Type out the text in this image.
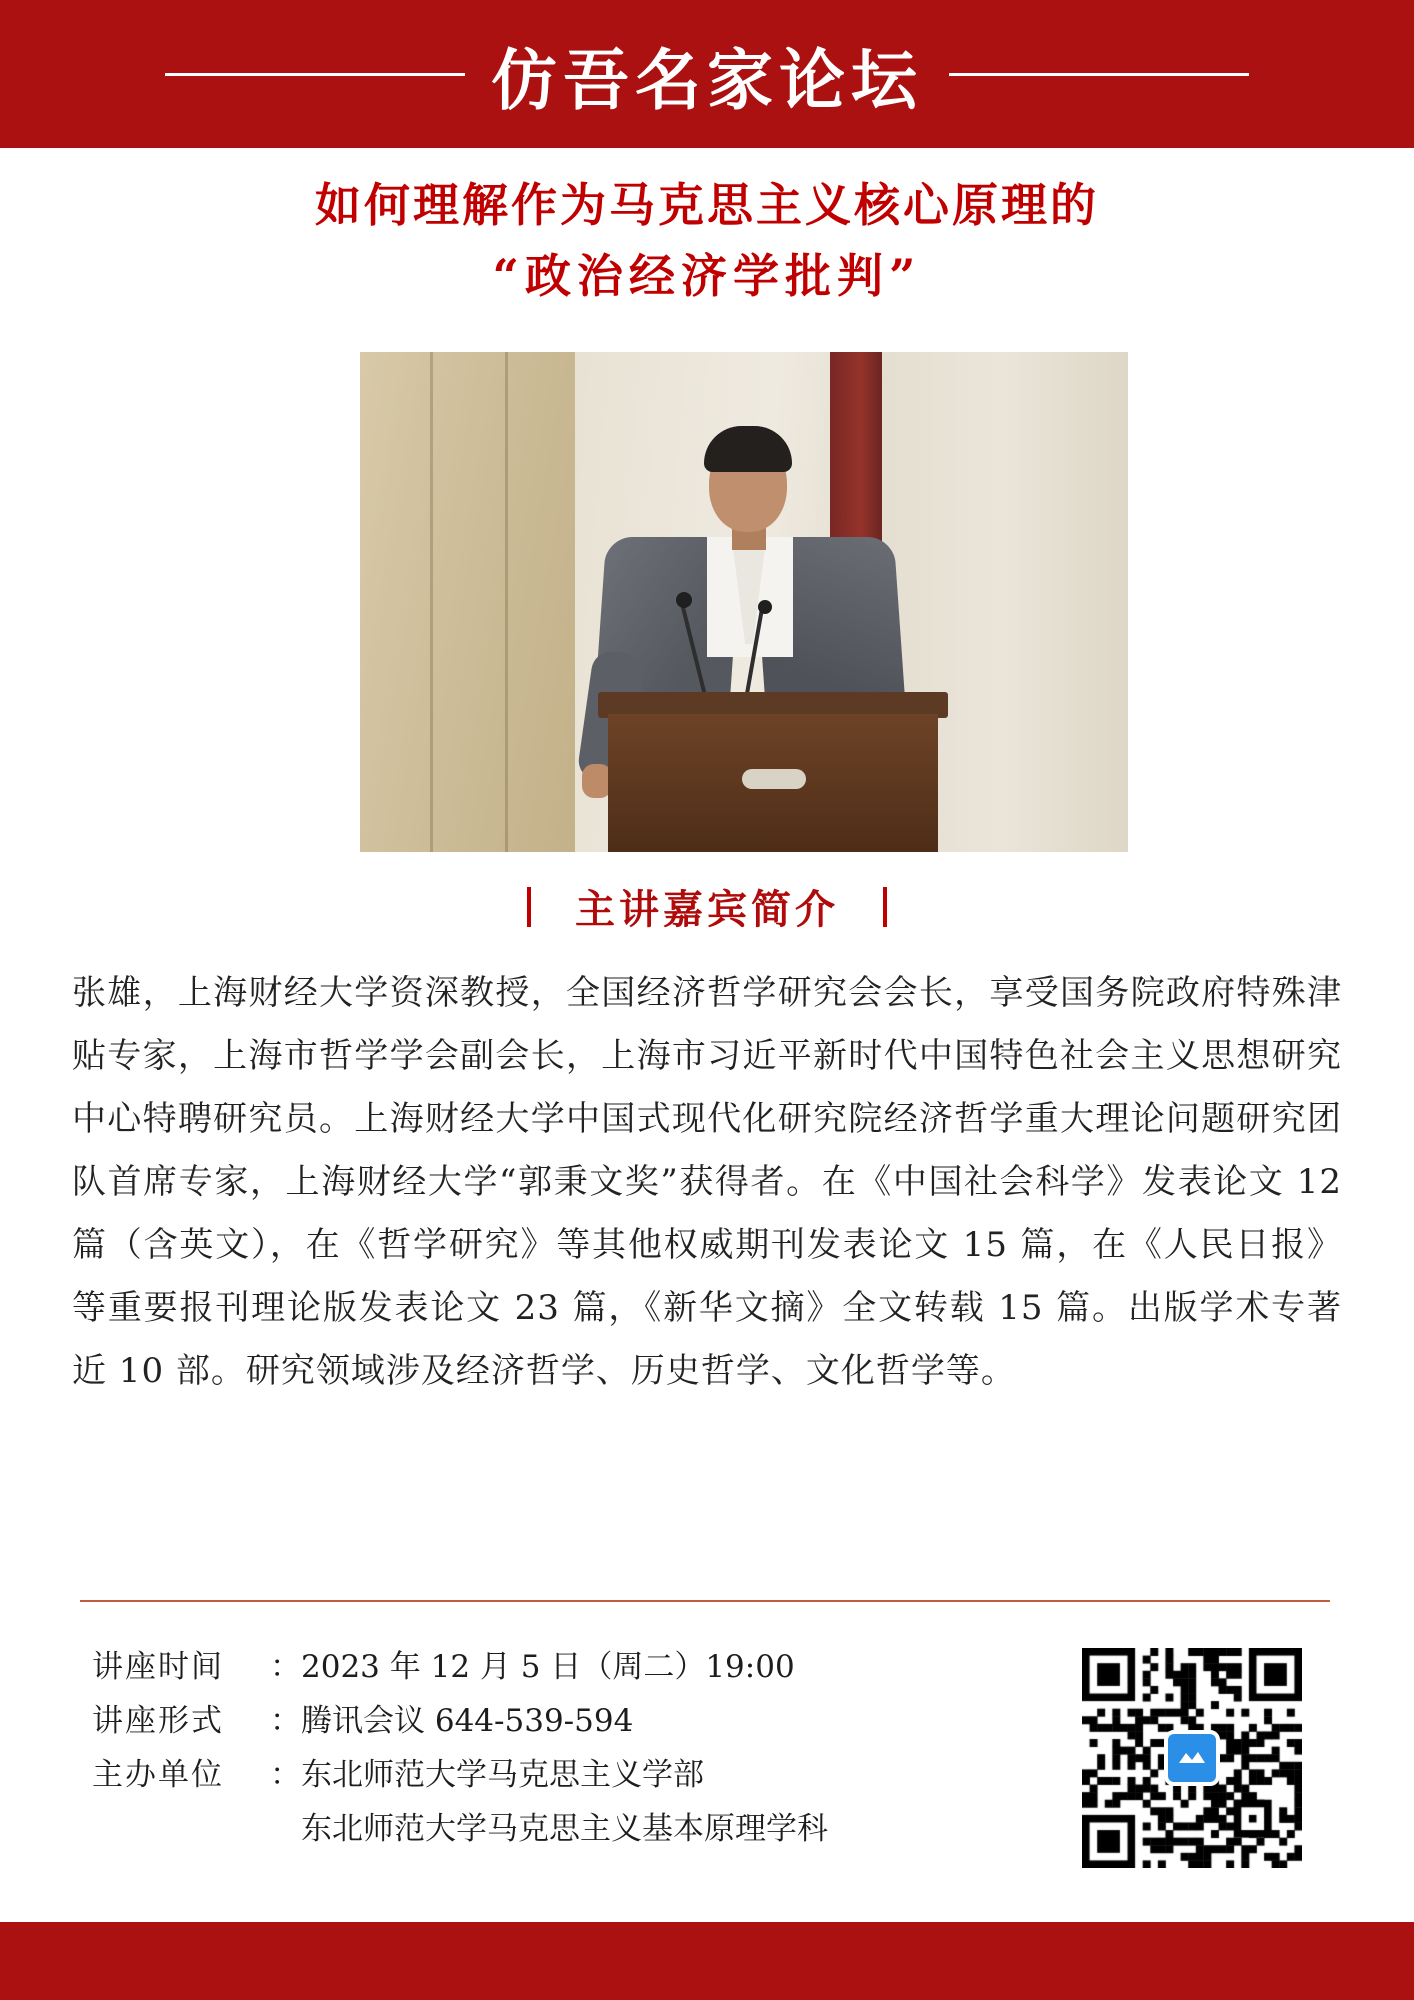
仿吾名家论坛
如何理解作为马克思主义核心原理的
“政治经济学批判”
主讲嘉宾简介
张雄，上海财经大学资深教授，全国经济哲学研究会会长，享受国务院政府特殊津贴专家，上海市哲学学会副会长，上海市习近平新时代中国特色社会主义思想研究中心特聘研究员。上海财经大学中国式现代化研究院经济哲学重大理论问题研究团队首席专家，上海财经大学“郭秉文奖”获得者。在《中国社会科学》发表论文 12 篇（含英文），在《哲学研究》等其他权威期刊发表论文 15 篇，在《人民日报》等重要报刊理论版发表论文 23 篇，《新华文摘》全文转载 15 篇。出版学术专著近 10 部。研究领域涉及经济哲学、历史哲学、文化哲学等。
讲座时间	： 2023 年 12 月 5 日（周二）19:00
讲座形式	： 腾讯会议 644-539-594
主办单位	： 东北师范大学马克思主义学部
东北师范大学马克思主义基本原理学科
